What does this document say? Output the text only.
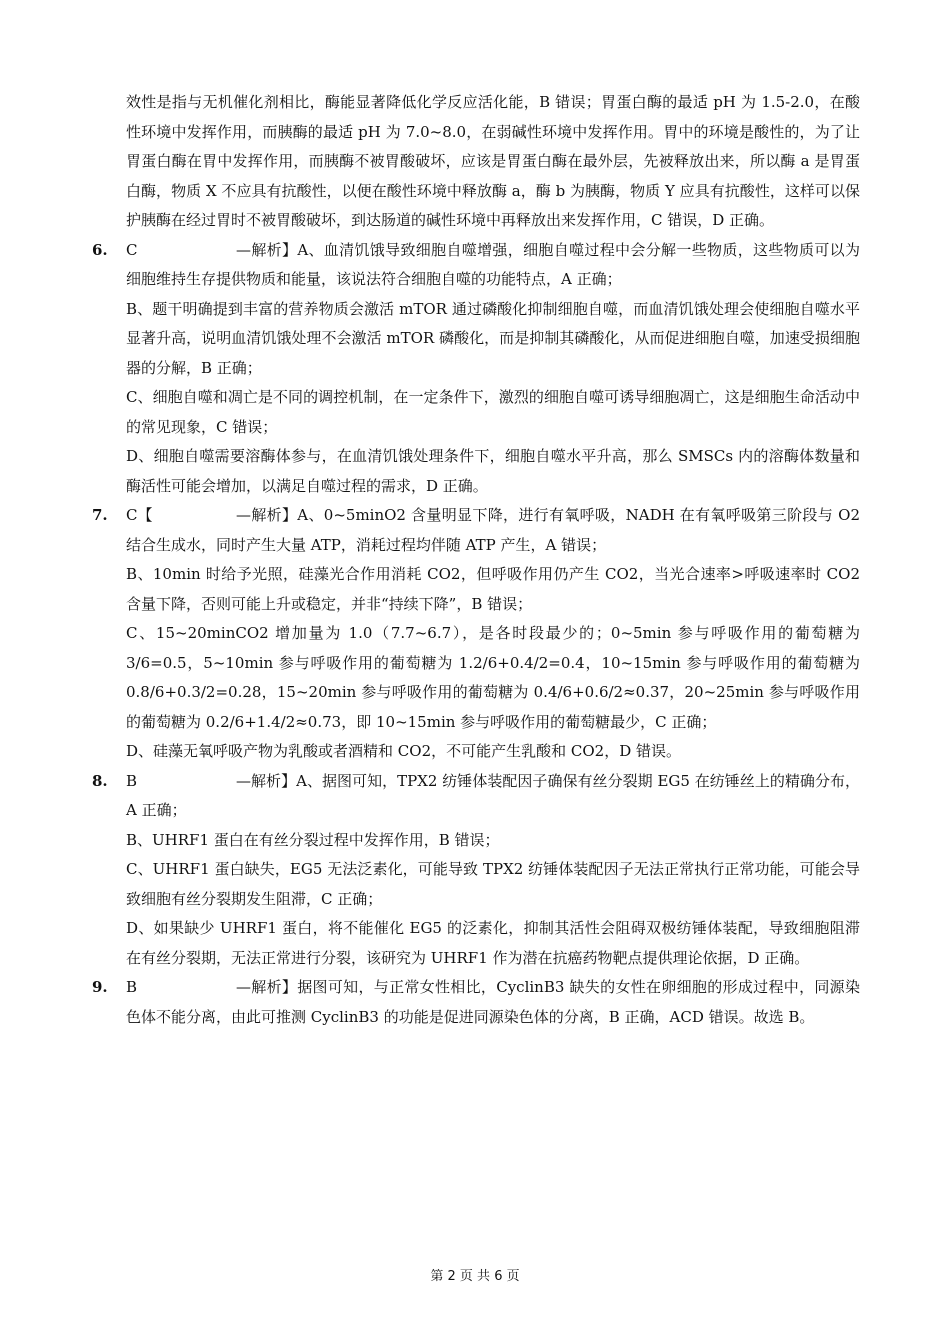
效性是指与无机催化剂相比，酶能显著降低化学反应活化能，B 错误；胃蛋白酶的最适 pH 为 1.5-2.0，在酸性环境中发挥作用，而胰酶的最适 pH 为 7.0~8.0，在弱碱性环境中发挥作用。胃中的环境是酸性的，为了让胃蛋白酶在胃中发挥作用，而胰酶不被胃酸破坏，应该是胃蛋白酶在最外层，先被释放出来，所以酶 a 是胃蛋白酶，物质 X 不应具有抗酸性，以便在酸性环境中释放酶 a，酶 b 为胰酶，物质 Y 应具有抗酸性，这样可以保护胰酶在经过胃时不被胃酸破坏，到达肠道的碱性环境中再释放出来发挥作用，C 错误，D 正确。

6.	C	—解析】A、血清饥饿导致细胞自噬增强，细胞自噬过程中会分解一些物质，这些物质可以为细胞维持生存提供物质和能量，该说法符合细胞自噬的功能特点，A 正确；

B、题干明确提到丰富的营养物质会激活 mTOR 通过磷酸化抑制细胞自噬，而血清饥饿处理会使细胞自噬水平显著升高，说明血清饥饿处理不会激活 mTOR 磷酸化，而是抑制其磷酸化，从而促进细胞自噬，加速受损细胞器的分解，B 正确；

C、细胞自噬和凋亡是不同的调控机制，在一定条件下，激烈的细胞自噬可诱导细胞凋亡，这是细胞生命活动中的常见现象，C 错误；

D、细胞自噬需要溶酶体参与，在血清饥饿处理条件下，细胞自噬水平升高，那么 SMSCs 内的溶酶体数量和酶活性可能会增加，以满足自噬过程的需求，D 正确。

7.	C【	—解析】A、0~5minO2 含量明显下降，进行有氧呼吸，NADH 在有氧呼吸第三阶段与 O2 结合生成水，同时产生大量 ATP，消耗过程均伴随 ATP 产生，A 错误；

B、10min 时给予光照，硅藻光合作用消耗 CO2，但呼吸作用仍产生 CO2，当光合速率>呼吸速率时 CO2 含量下降，否则可能上升或稳定，并非“持续下降”，B 错误；

C、15~20minCO2 增加量为 1.0（7.7~6.7），是各时段最少的；0~5min 参与呼吸作用的葡萄糖为 3/6=0.5，5~10min 参与呼吸作用的葡萄糖为 1.2/6+0.4/2=0.4，10~15min 参与呼吸作用的葡萄糖为 0.8/6+0.3/2=0.28，15~20min 参与呼吸作用的葡萄糖为 0.4/6+0.6/2≈0.37，20~25min 参与呼吸作用的葡萄糖为 0.2/6+1.4/2≈0.73，即 10~15min 参与呼吸作用的葡萄糖最少，C 正确；

D、硅藻无氧呼吸产物为乳酸或者酒精和 CO2，不可能产生乳酸和 CO2，D 错误。

8.	B	—解析】A、据图可知，TPX2 纺锤体装配因子确保有丝分裂期 EG5 在纺锤丝上的精确分布，A 正确；

B、UHRF1 蛋白在有丝分裂过程中发挥作用，B 错误；

C、UHRF1 蛋白缺失，EG5 无法泛素化，可能导致 TPX2 纺锤体装配因子无法正常执行正常功能，可能会导致细胞有丝分裂期发生阻滞，C 正确；

D、如果缺少 UHRF1 蛋白，将不能催化 EG5 的泛素化，抑制其活性会阻碍双极纺锤体装配，导致细胞阻滞在有丝分裂期，无法正常进行分裂，该研究为 UHRF1 作为潜在抗癌药物靶点提供理论依据，D 正确。

9.	B	—解析】据图可知，与正常女性相比，CyclinB3 缺失的女性在卵细胞的形成过程中，同源染色体不能分离，由此可推测 CyclinB3 的功能是促进同源染色体的分离，B 正确，ACD 错误。故选 B。

第 2 页 共 6 页
